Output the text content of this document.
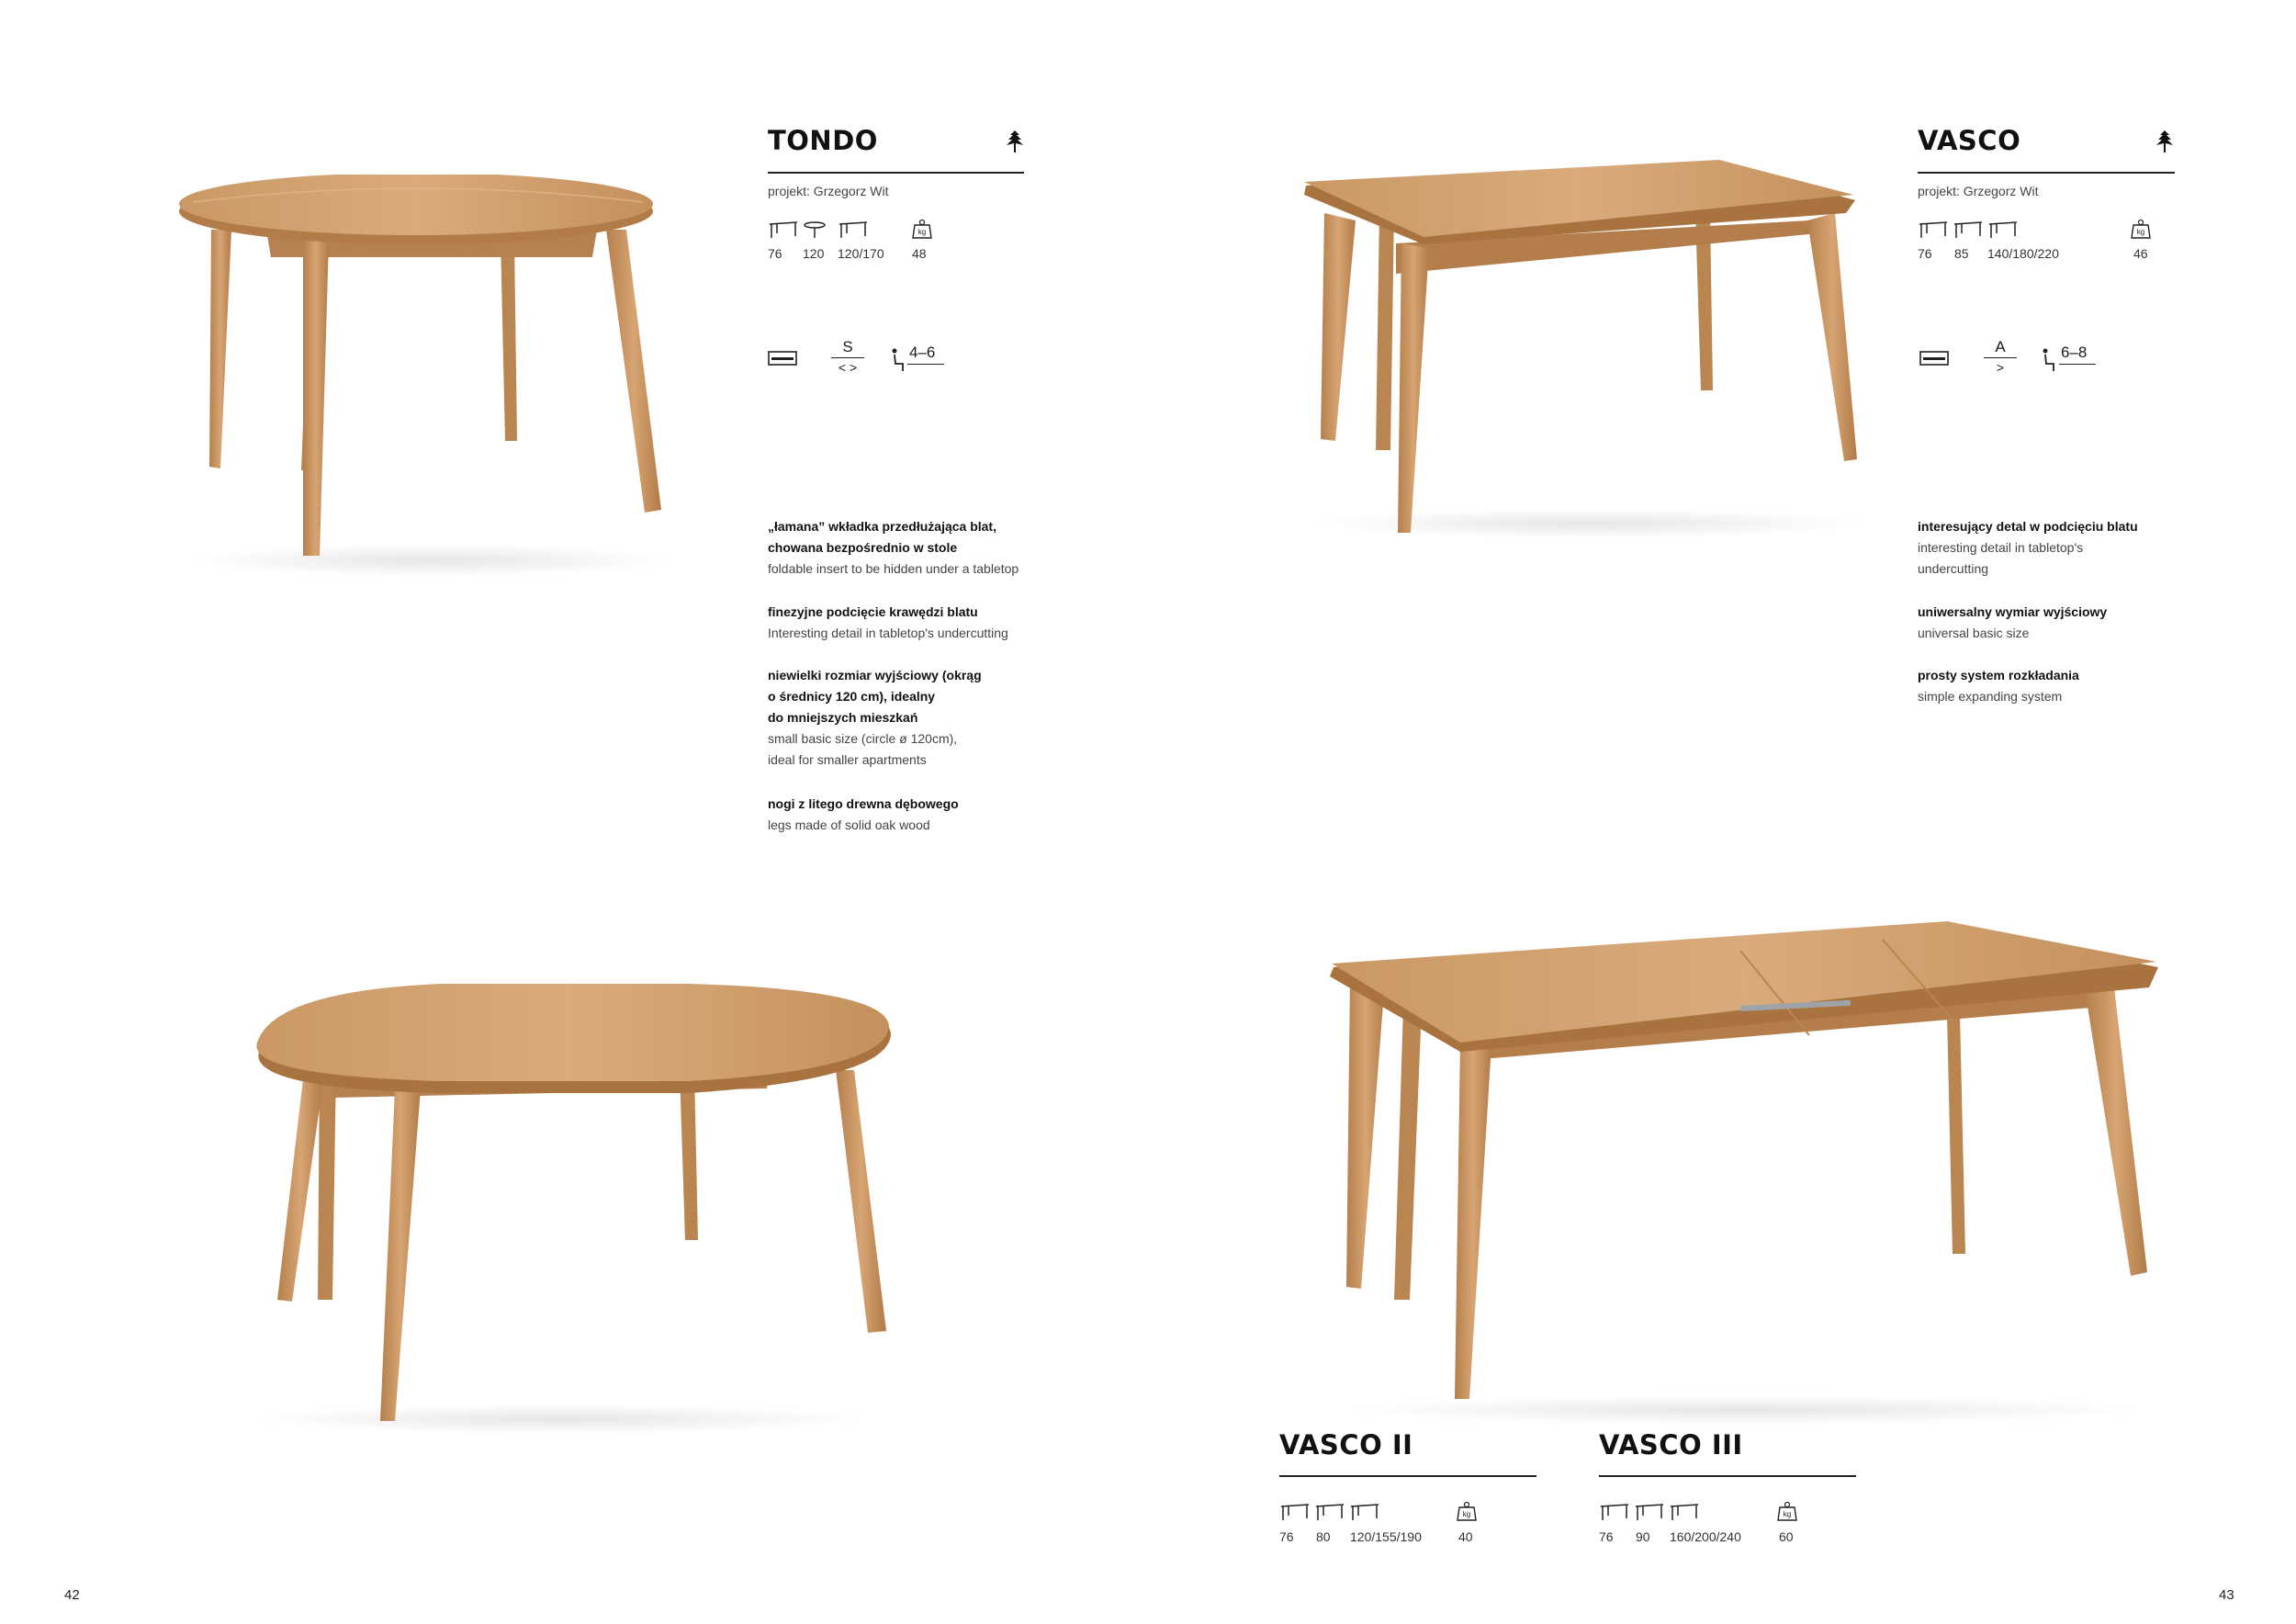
TONDO
projekt: Grzegorz Wit
kg
76 120 120/170 48
S
< >
4–6
„łamana” wkładka przedłużająca blat,
chowana bezpośrednio w stole
foldable insert to be hidden under a tabletop
finezyjne podcięcie krawędzi blatu
Interesting detail in tabletop's undercutting
niewielki rozmiar wyjściowy (okrąg
o średnicy 120 cm), idealny
do mniejszych mieszkań
small basic size (circle ø 120cm),
ideal for smaller apartments
nogi z litego drewna dębowego
legs made of solid oak wood
VASCO
projekt: Grzegorz Wit
kg
76 85 140/180/220	46
A
>
6–8
interesujący detal w podcięciu blatu
interesting detail in tabletop's
undercutting
uniwersalny wymiar wyjściowy
universal basic size
prosty system rozkładania
simple expanding system
VASCO II
kg
76 80 120/155/190	40
VASCO III
kg
76 90 160/200/240	60
42	43
